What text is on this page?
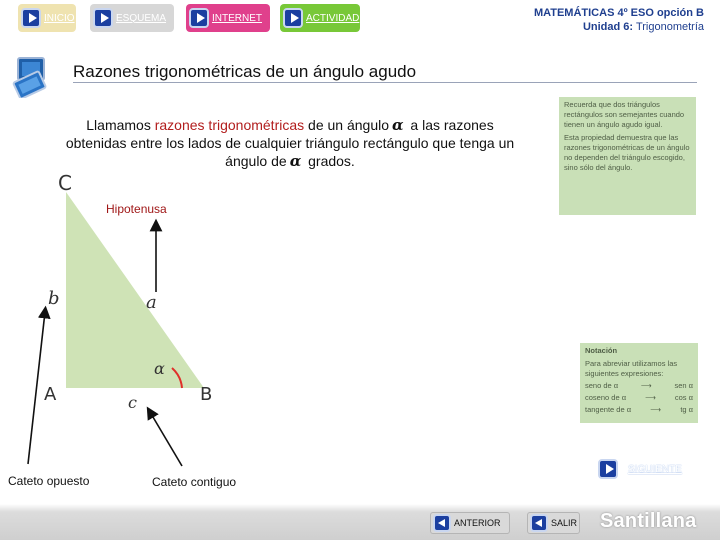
INICIO	ESQUEMA	INTERNET	ACTIVIDAD	MATEMÁTICAS 4º ESO opción B
Unidad 6: Trigonometría
Razones trigonométricas de un ángulo agudo
Llamamos razones trigonométricas de un ángulo α a las razones obtenidas entre los lados de cualquier triángulo rectángulo que tenga un ángulo de α grados.

Recuerda que dos triángulos rectángulos son semejantes cuando tienen un ángulo agudo igual.

Esta propiedad demuestra que las razones trigonométricas de un ángulo no dependen del triángulo escogido, sino sólo del ángulo.

Notación
Para abreviar utilizamos las siguientes expresiones:
seno de α	⟶	sen α
coseno de α	⟶	cos α
tangente de α	⟶	tg α
C
A	B
b	a
c
α
Hipotenusa
Cateto opuesto	Cateto contiguo
SIGUIENTE
ANTERIOR	SALIR Santillana
